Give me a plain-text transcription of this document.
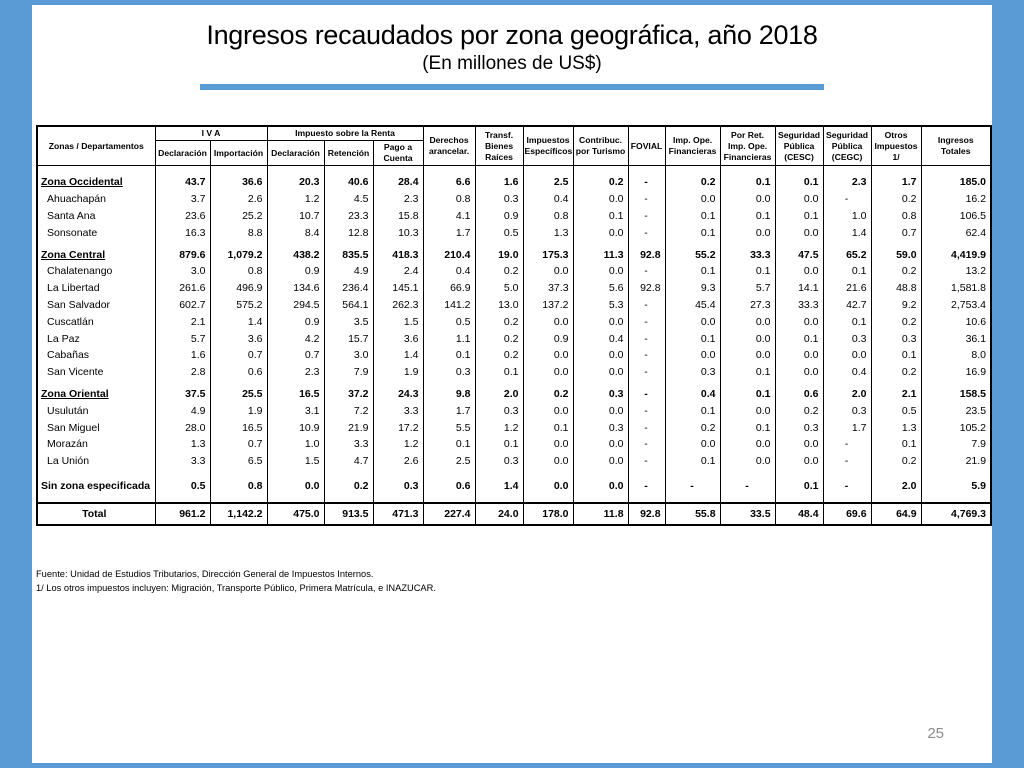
Ingresos recaudados por zona geográfica, año 2018
(En millones de US$)
Zonas / Departamentos	I V A		Impuesto sobre la Renta			Derechos arancelar.	Transf. Bienes Raíces	Impuestos Específicos	Contribuc. por Turismo	FOVIAL	Imp. Ope. Financieras	Por Ret. Imp. Ope. Financieras	Seguridad Pública (CESC)	Seguridad Pública (CEGC)	Otros Impuestos 1/	Ingresos Totales
	Declaración	Importación	Declaración	Retención	Pago a Cuenta											

Zona Occidental	43.7	36.6	20.3	40.6	28.4	6.6	1.6	2.5	0.2	-	0.2	0.1	0.1	2.3	1.7	185.0
Ahuachapán	3.7	2.6	1.2	4.5	2.3	0.8	0.3	0.4	0.0	-	0.0	0.0	0.0	-	0.2	16.2
Santa Ana	23.6	25.2	10.7	23.3	15.8	4.1	0.9	0.8	0.1	-	0.1	0.1	0.1	1.0	0.8	106.5
Sonsonate	16.3	8.8	8.4	12.8	10.3	1.7	0.5	1.3	0.0	-	0.1	0.0	0.0	1.4	0.7	62.4

Zona Central	879.6	1,079.2	438.2	835.5	418.3	210.4	19.0	175.3	11.3	92.8	55.2	33.3	47.5	65.2	59.0	4,419.9
Chalatenango	3.0	0.8	0.9	4.9	2.4	0.4	0.2	0.0	0.0	-	0.1	0.1	0.0	0.1	0.2	13.2
La Libertad	261.6	496.9	134.6	236.4	145.1	66.9	5.0	37.3	5.6	92.8	9.3	5.7	14.1	21.6	48.8	1,581.8
San Salvador	602.7	575.2	294.5	564.1	262.3	141.2	13.0	137.2	5.3	-	45.4	27.3	33.3	42.7	9.2	2,753.4
Cuscatlán	2.1	1.4	0.9	3.5	1.5	0.5	0.2	0.0	0.0	-	0.0	0.0	0.0	0.1	0.2	10.6
La Paz	5.7	3.6	4.2	15.7	3.6	1.1	0.2	0.9	0.4	-	0.1	0.0	0.1	0.3	0.3	36.1
Cabañas	1.6	0.7	0.7	3.0	1.4	0.1	0.2	0.0	0.0	-	0.0	0.0	0.0	0.0	0.1	8.0
San Vicente	2.8	0.6	2.3	7.9	1.9	0.3	0.1	0.0	0.0	-	0.3	0.1	0.0	0.4	0.2	16.9

Zona Oriental	37.5	25.5	16.5	37.2	24.3	9.8	2.0	0.2	0.3	-	0.4	0.1	0.6	2.0	2.1	158.5
Usulután	4.9	1.9	3.1	7.2	3.3	1.7	0.3	0.0	0.0	-	0.1	0.0	0.2	0.3	0.5	23.5
San Miguel	28.0	16.5	10.9	21.9	17.2	5.5	1.2	0.1	0.3	-	0.2	0.1	0.3	1.7	1.3	105.2
Morazán	1.3	0.7	1.0	3.3	1.2	0.1	0.1	0.0	0.0	-	0.0	0.0	0.0	-	0.1	7.9
La Unión	3.3	6.5	1.5	4.7	2.6	2.5	0.3	0.0	0.0	-	0.1	0.0	0.0	-	0.2	21.9

Sin zona especificada	0.5	0.8	0.0	0.2	0.3	0.6	1.4	0.0	0.0	-	-	-	0.1	-	2.0	5.9

Total	961.2	1,142.2	475.0	913.5	471.3	227.4	24.0	178.0	11.8	92.8	55.8	33.5	48.4	69.6	64.9	4,769.3
Fuente: Unidad de Estudios Tributarios, Dirección General de Impuestos Internos.
1/ Los otros impuestos incluyen: Migración, Transporte Público, Primera Matrícula, e INAZUCAR.
25
